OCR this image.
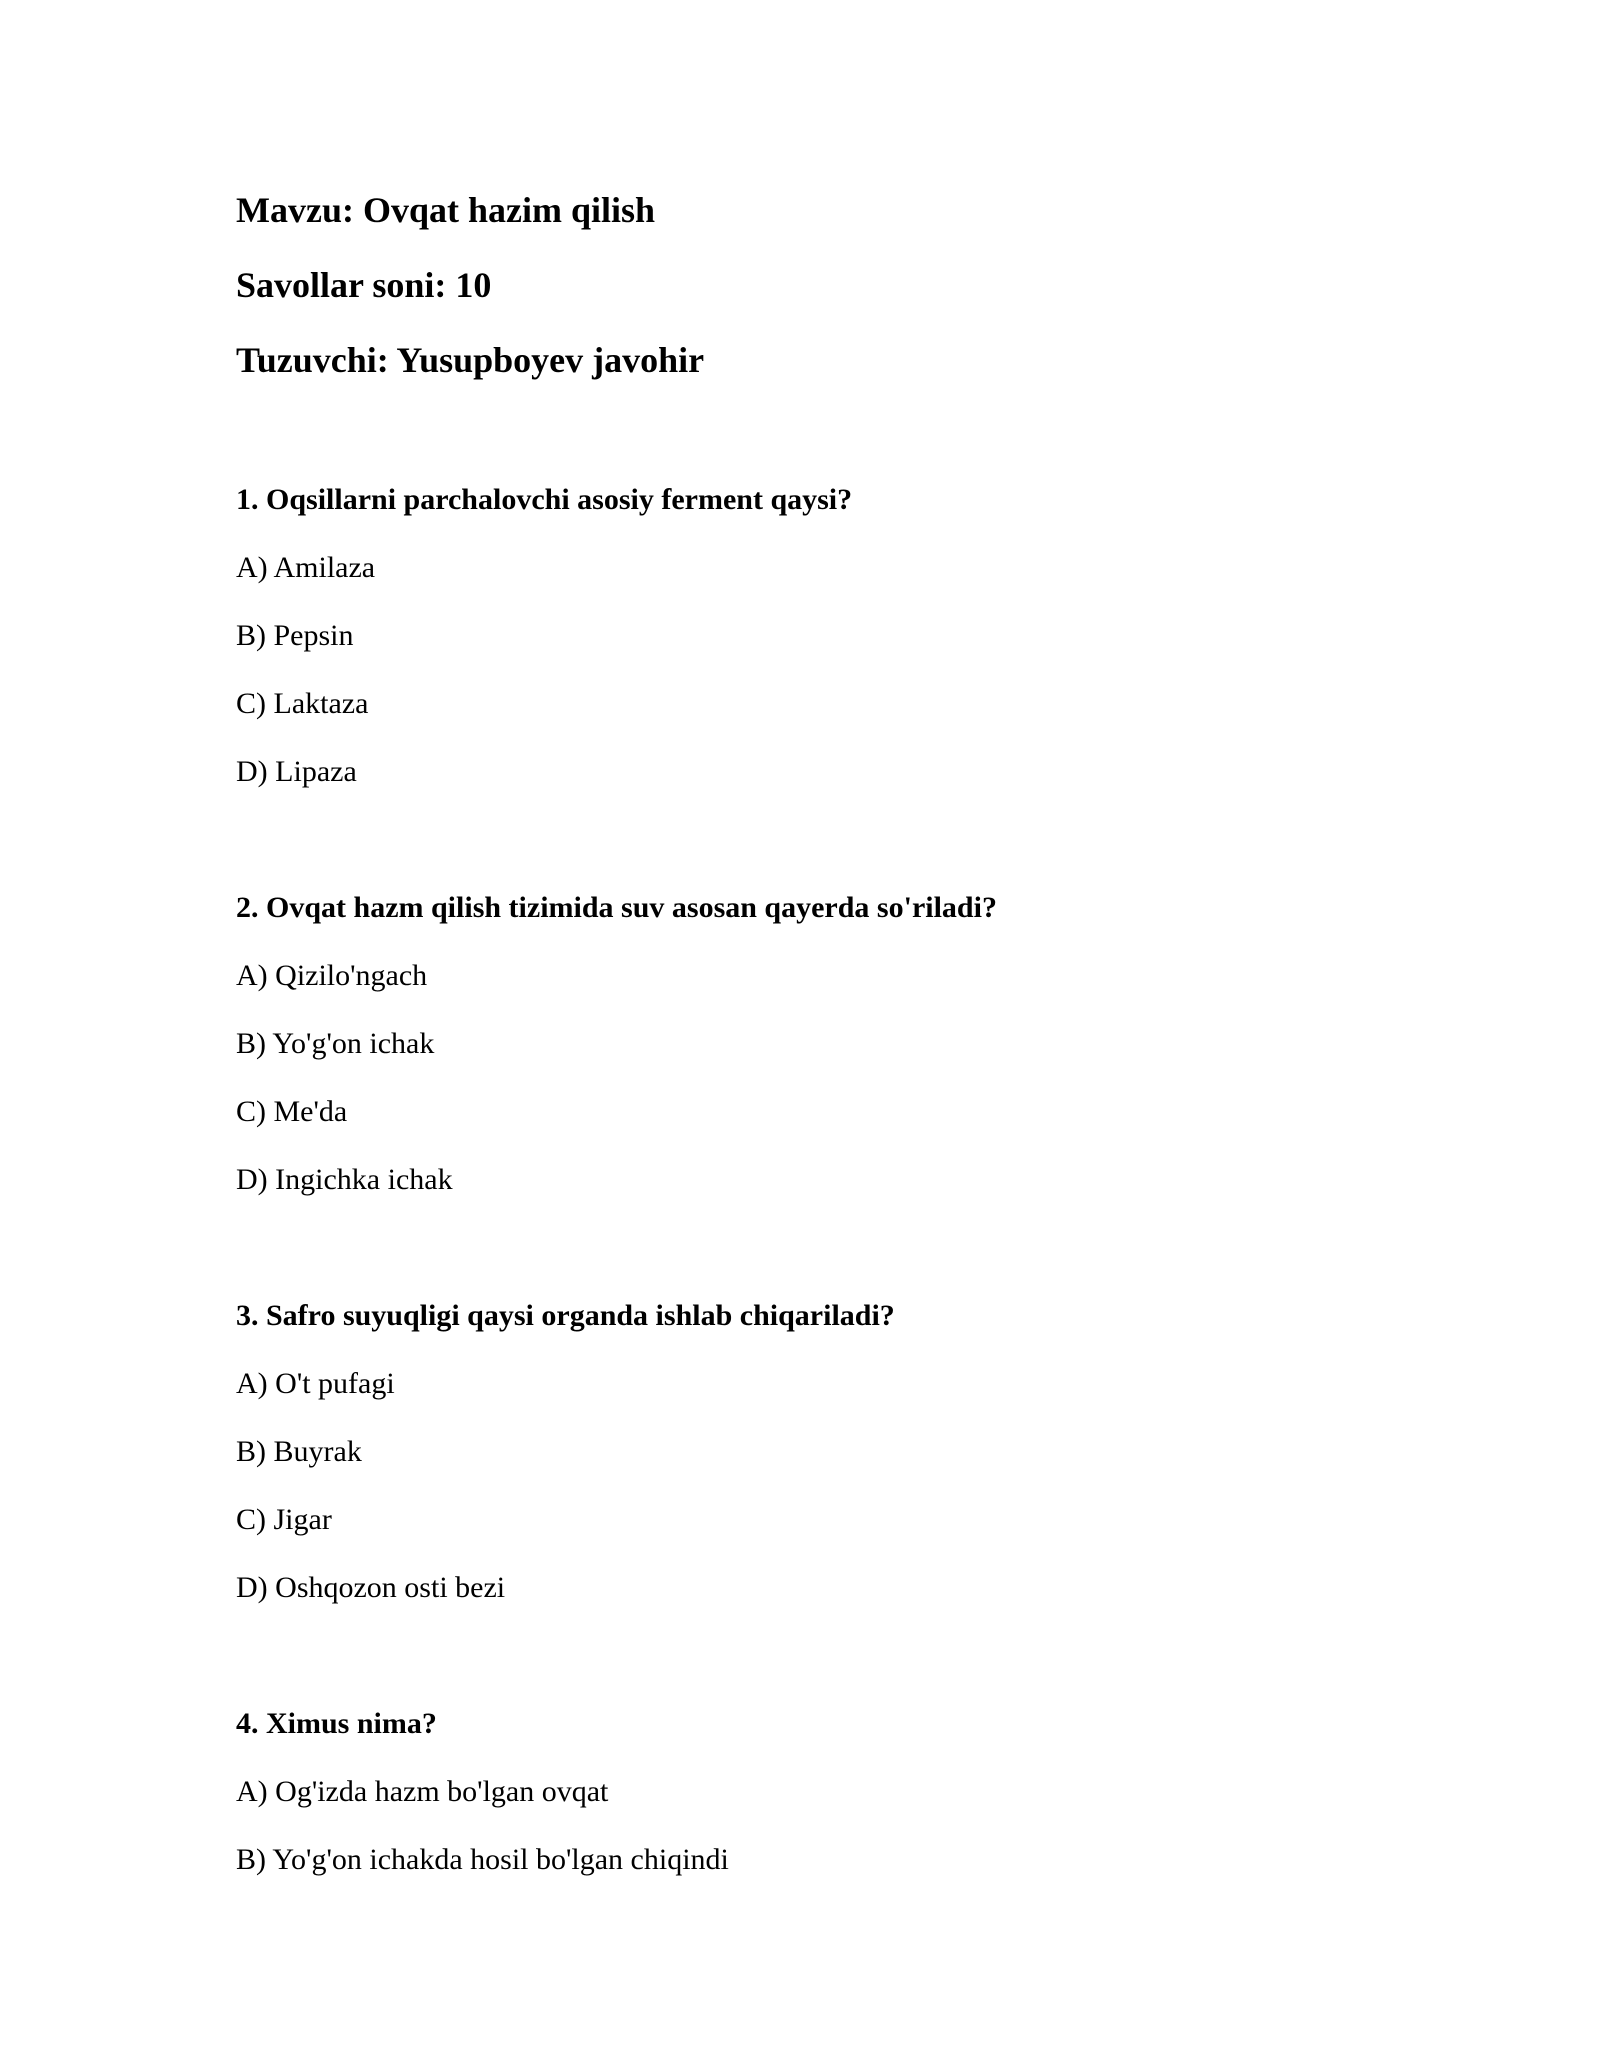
Mavzu: Ovqat hazim qilish
Savollar soni: 10
Tuzuvchi: Yusupboyev javohir
1. Oqsillarni parchalovchi asosiy ferment qaysi?
A) Amilaza
B) Pepsin
C) Laktaza
D) Lipaza
2. Ovqat hazm qilish tizimida suv asosan qayerda so'riladi?
A) Qizilo'ngach
B) Yo'g'on ichak
C) Me'da
D) Ingichka ichak
3. Safro suyuqligi qaysi organda ishlab chiqariladi?
A) O't pufagi
B) Buyrak
C) Jigar
D) Oshqozon osti bezi
4. Ximus nima?
A) Og'izda hazm bo'lgan ovqat
B) Yo'g'on ichakda hosil bo'lgan chiqindi
